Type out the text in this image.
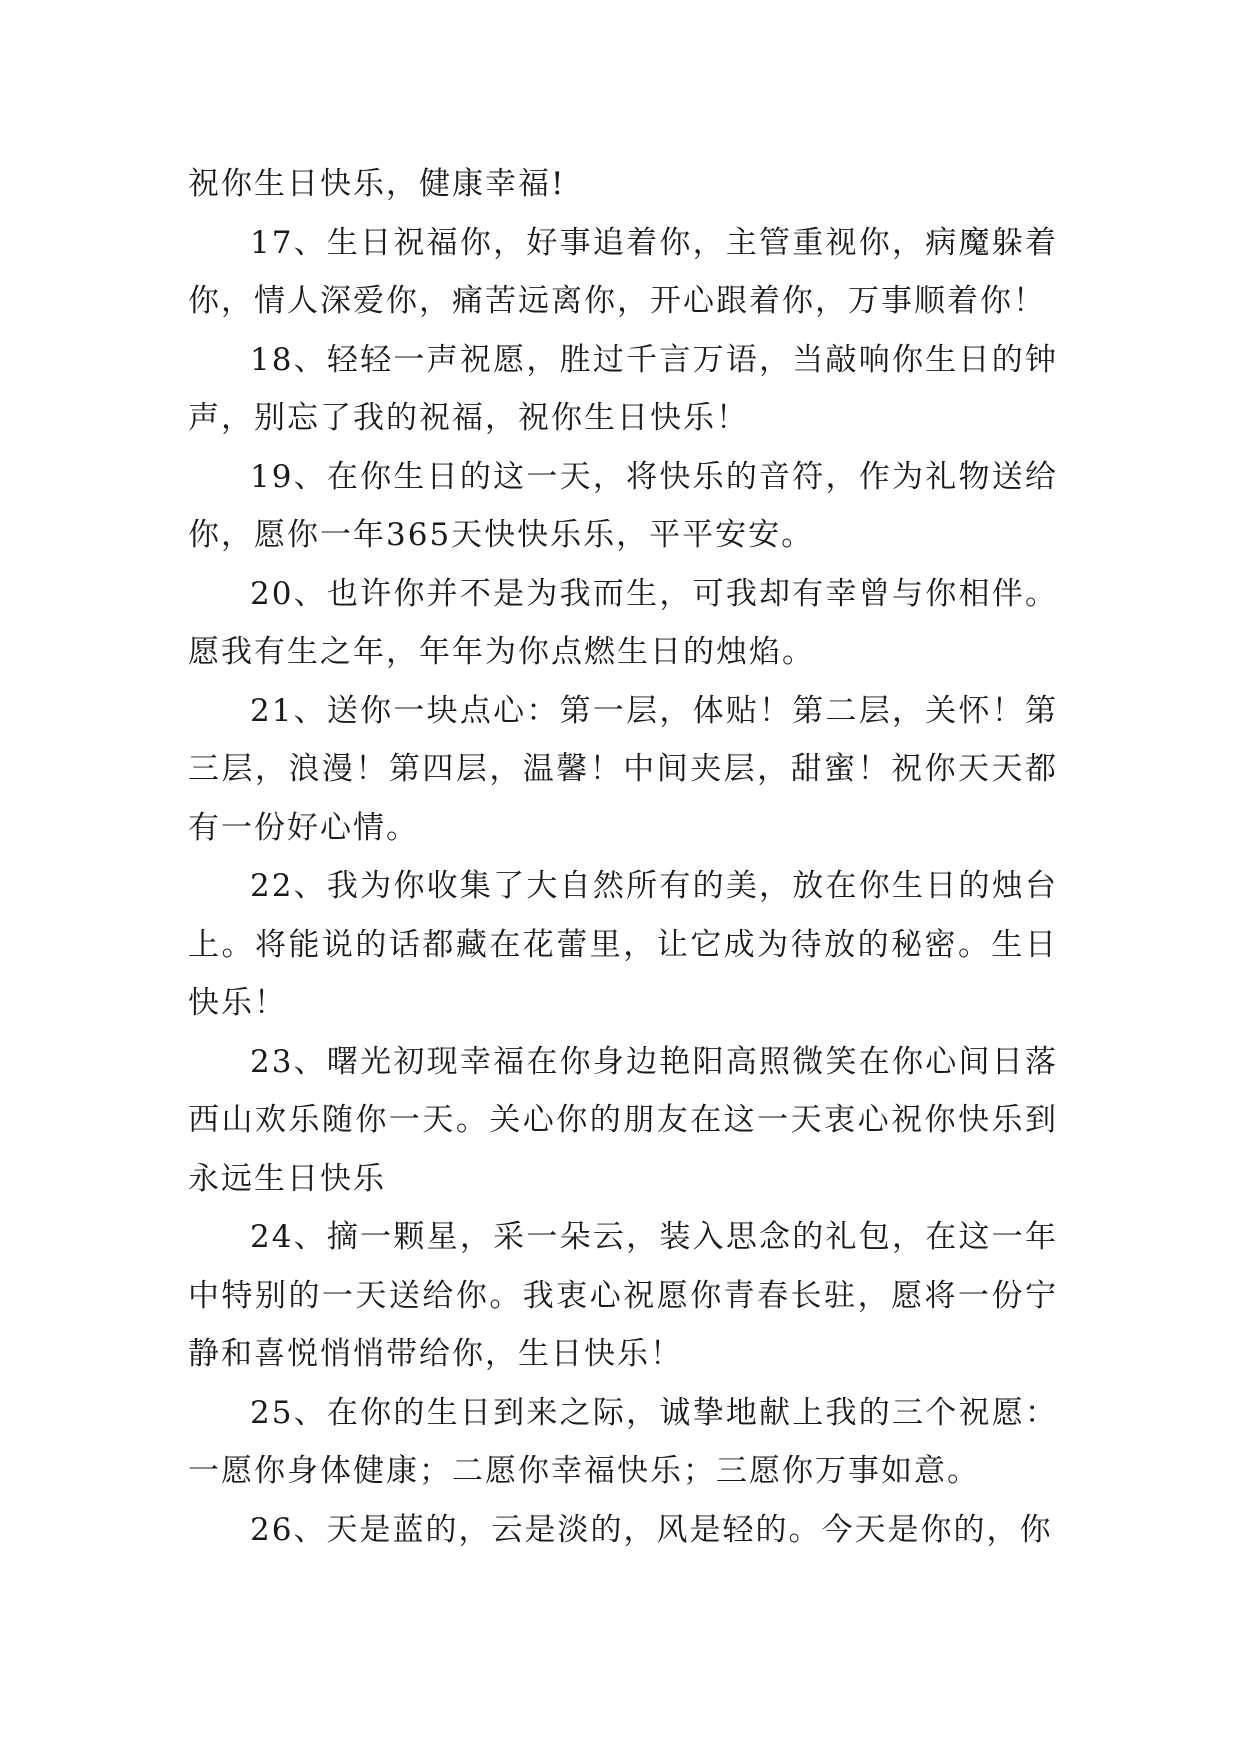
祝你生日快乐，健康幸福!

17、生日祝福你，好事追着你，主管重视你，病魔躲着你，情人深爱你，痛苦远离你，开心跟着你，万事顺着你！

18、轻轻一声祝愿，胜过千言万语，当敲响你生日的钟声，别忘了我的祝福，祝你生日快乐！

19、在你生日的这一天，将快乐的音符，作为礼物送给你，愿你一年365天快快乐乐，平平安安。

20、也许你并不是为我而生，可我却有幸曾与你相伴。愿我有生之年，年年为你点燃生日的烛焰。

21、送你一块点心：第一层，体贴！第二层，关怀！第三层，浪漫！第四层，温馨！中间夹层，甜蜜！祝你天天都有一份好心情。

22、我为你收集了大自然所有的美，放在你生日的烛台上。将能说的话都藏在花蕾里，让它成为待放的秘密。生日快乐！

23、曙光初现幸福在你身边艳阳高照微笑在你心间日落西山欢乐随你一天。关心你的朋友在这一天衷心祝你快乐到永远生日快乐

24、摘一颗星，采一朵云，装入思念的礼包，在这一年中特别的一天送给你。我衷心祝愿你青春长驻，愿将一份宁静和喜悦悄悄带给你，生日快乐！

25、在你的生日到来之际，诚挚地献上我的三个祝愿：一愿你身体健康；二愿你幸福快乐；三愿你万事如意。

26、天是蓝的，云是淡的，风是轻的。今天是你的，你
